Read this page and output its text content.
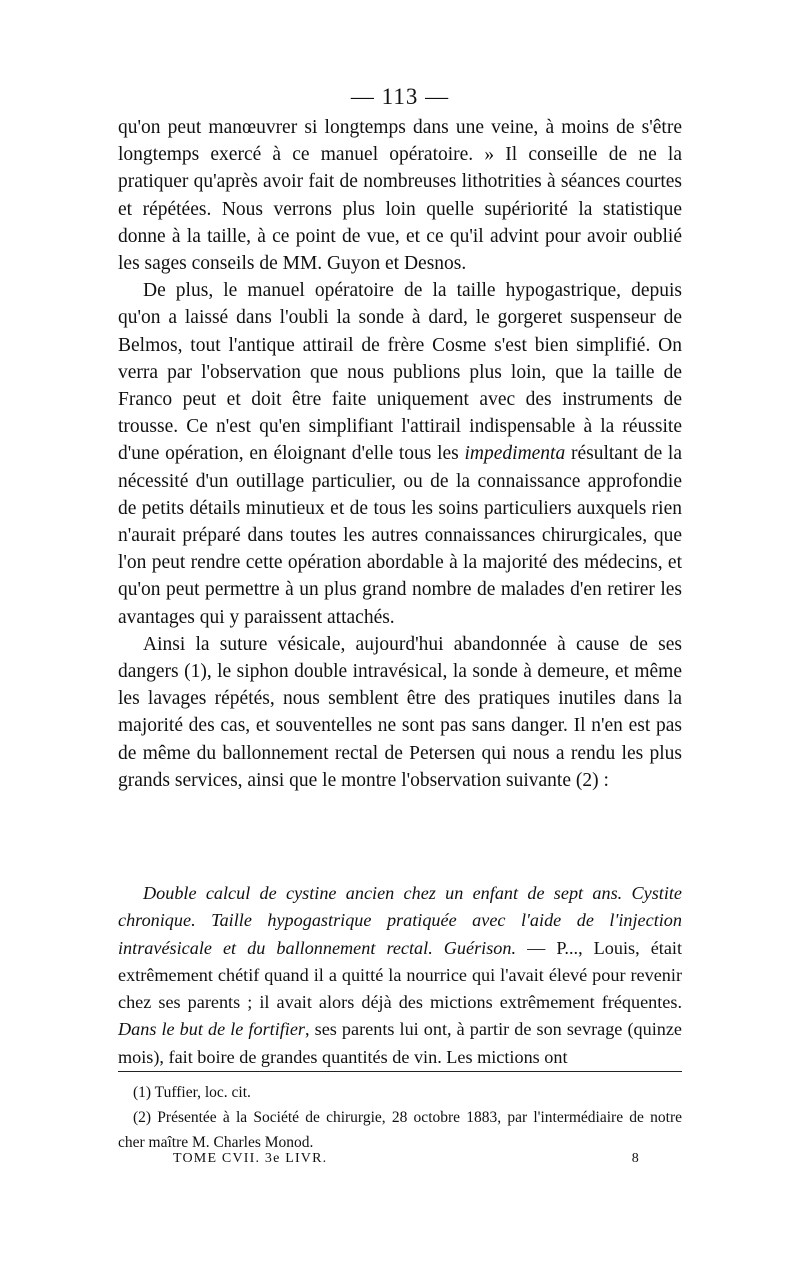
— 113 —

qu'on peut manœuvrer si longtemps dans une veine, à moins de s'être longtemps exercé à ce manuel opératoire. » Il conseille de ne la pratiquer qu'après avoir fait de nombreuses lithotrities à séances courtes et répétées. Nous verrons plus loin quelle supériorité la statistique donne à la taille, à ce point de vue, et ce qu'il advint pour avoir oublié les sages conseils de MM. Guyon et Desnos.

De plus, le manuel opératoire de la taille hypogastrique, depuis qu'on a laissé dans l'oubli la sonde à dard, le gorgeret suspenseur de Belmos, tout l'antique attirail de frère Cosme s'est bien simplifié. On verra par l'observation que nous publions plus loin, que la taille de Franco peut et doit être faite uniquement avec des instruments de trousse. Ce n'est qu'en simplifiant l'attirail indispensable à la réussite d'une opération, en éloignant d'elle tous les impedimenta résultant de la nécessité d'un outillage particulier, ou de la connaissance approfondie de petits détails minutieux et de tous les soins particuliers auxquels rien n'aurait préparé dans toutes les autres connaissances chirurgicales, que l'on peut rendre cette opération abordable à la majorité des médecins, et qu'on peut permettre à un plus grand nombre de malades d'en retirer les avantages qui y paraissent attachés.

Ainsi la suture vésicale, aujourd'hui abandonnée à cause de ses dangers (1), le siphon double intravésical, la sonde à demeure, et même les lavages répétés, nous semblent être des pratiques inutiles dans la majorité des cas, et souventelles ne sont pas sans danger. Il n'en est pas de même du ballonnement rectal de Petersen qui nous a rendu les plus grands services, ainsi que le montre l'observation suivante (2) :

Double calcul de cystine ancien chez un enfant de sept ans. Cystite chronique. Taille hypogastrique pratiquée avec l'aide de l'injection intravésicale et du ballonnement rectal. Guérison. — P..., Louis, était extrêmement chétif quand il a quitté la nourrice qui l'avait élevé pour revenir chez ses parents ; il avait alors déjà des mictions extrêmement fréquentes. Dans le but de le fortifier, ses parents lui ont, à partir de son sevrage (quinze mois), fait boire de grandes quantités de vin. Les mictions ont

(1) Tuffier, loc. cit.

(2) Présentée à la Société de chirurgie, 28 octobre 1883, par l'intermédiaire de notre cher maître M. Charles Monod.

TOME CVII. 3e LIVR.	8
